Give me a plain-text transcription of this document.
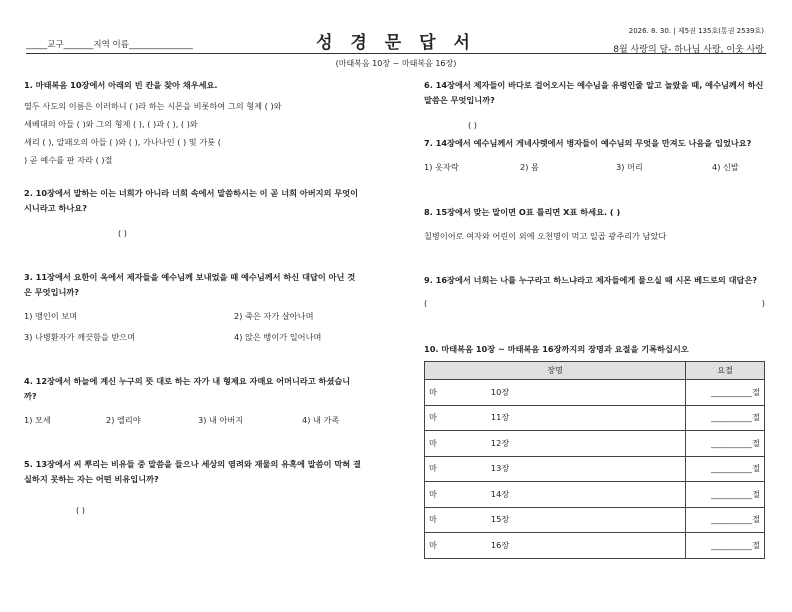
_____교구_______지역 이름_______________	성 경 문 답 서
2026. 8. 30. | 제5권 135호(통권 2539호)
8월 사랑의 달- 하나님 사랑, 이웃 사랑
(마태복음 10장 ~ 마태복음 16장)
1. 마태복음 10장에서 아래의 빈 칸을 찾아 채우세요.
열두 사도의 이름은 이러하니 ( )라 하는 시몬을 비롯하여 그의 형제 ( )와
세베대의 아들 ( )와 그의 형제 ( ), ( )과 ( ), ( )와
세리 ( ), 알패오의 아들 ( )와 ( ), 가나나인 ( ) 및 가룟 (
) 곧 예수를 판 자라 ( )절
2. 10장에서 말하는 이는 너희가 아니라 너희 속에서 말씀하시는 이 곧 너희 아버지의 무엇이
시니라고 하나요?
( )
3. 11장에서 요한이 옥에서 제자들을 예수님께 보내었을 때 예수님께서 하신 대답이 아닌 것
은 무엇입니까?
1) 맹인이 보며	2) 죽은 자가 살아나며
3) 나병환자가 깨끗함을 받으며	4) 앉은 뱅이가 일어나며
4. 12장에서 하늘에 계신 누구의 뜻 대로 하는 자가 내 형제요 자매요 어머니라고 하셨습니
까?
1) 모세	2) 엘리야	3) 내 아버지	4) 내 가족
5. 13장에서 씨 뿌리는 비유들 중 말씀을 들으나 세상의 염려와 재물의 유혹에 말씀이 막혀 결
실하지 못하는 자는 어떤 비유입니까?
( )
6. 14장에서 제자들이 바다로 걸어오시는 예수님을 유령인줄 알고 놀랐을 때, 예수님께서 하신
말씀은 무엇입니까?
( )
7. 14장에서 예수님께서 게네사렛에서 병자들이 예수님의 무엇을 만져도 나음을 입었나요?
1) 옷자락	2) 몸	3) 머리	4) 신발
8. 15장에서 맞는 말이면 O표 틀리면 X표 하세요. ( )
칠병이어로 여자와 어린이 외에 오천명이 먹고 일곱 광주리가 남았다
9. 16장에서 너희는 나를 누구라고 하느냐라고 제자들에게 물으실 때 시몬 베드로의 대답은?
(	)
10. 마태복음 10장 ~ 마태복음 16장까지의 장명과 요절을 기록하십시오
장명	요절
마 10장	__________절
마 11장	__________절
마 12장	__________절
마 13장	__________절
마 14장	__________절
마 15장	__________절
마 16장	__________절
